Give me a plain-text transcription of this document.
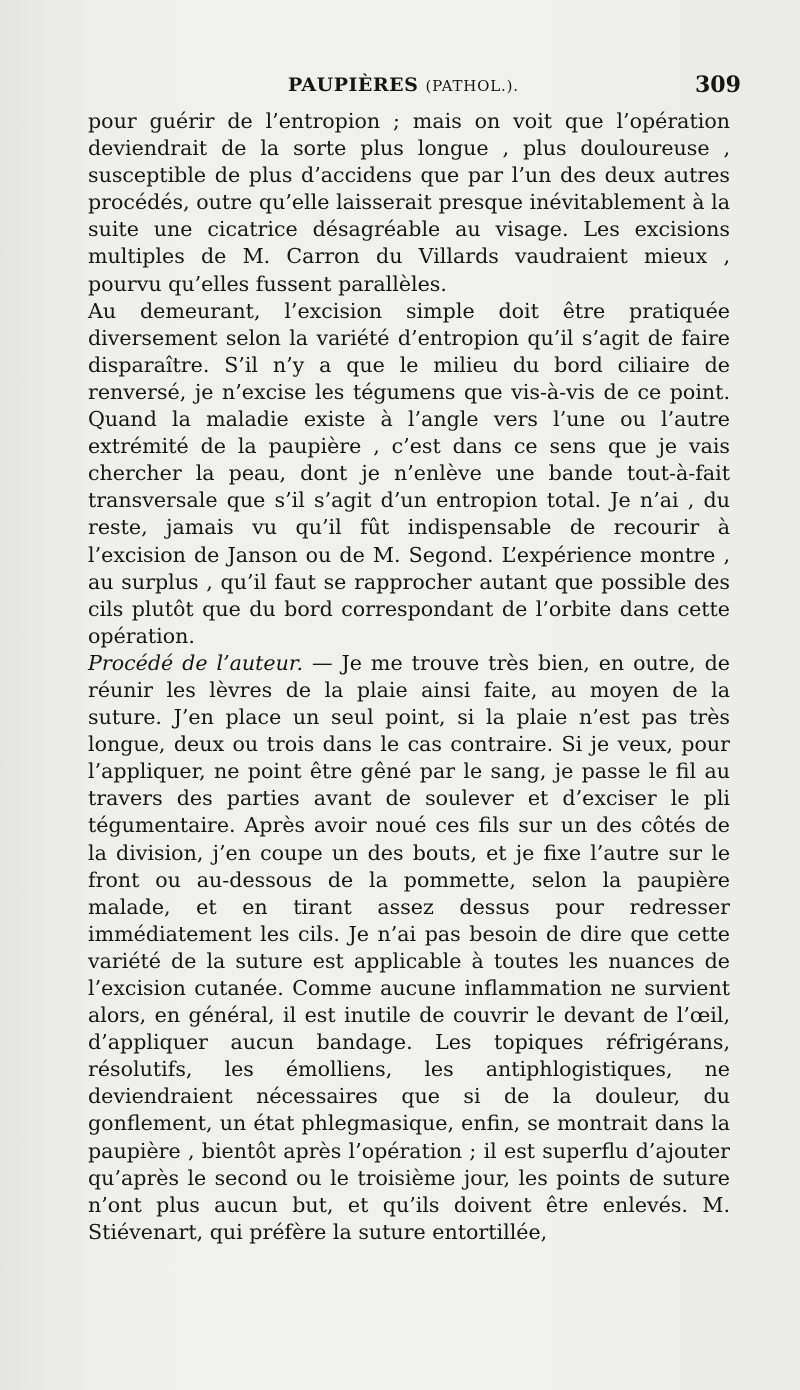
PAUPIÈRES (PATHOL.).	309

pour guérir de l’entropion ; mais on voit que l’opération deviendrait de la sorte plus longue , plus douloureuse , susceptible de plus d’accidens que par l’un des deux autres procédés, outre qu’elle laisserait presque inévitablement à la suite une cicatrice désagréable au visage. Les excisions multiples de M. Carron du Villards vaudraient mieux , pourvu qu’elles fussent parallèles.

Au demeurant, l’excision simple doit être pratiquée diversement selon la variété d’entropion qu’il s’agit de faire disparaître. S’il n’y a que le milieu du bord ciliaire de renversé, je n’excise les tégumens que vis-à-vis de ce point. Quand la maladie existe à l’angle vers l’une ou l’autre extrémité de la paupière , c’est dans ce sens que je vais chercher la peau, dont je n’enlève une bande tout-à-fait transversale que s’il s’agit d’un entropion total. Je n’ai , du reste, jamais vu qu’il fût indispensable de recourir à l’excision de Janson ou de M. Segond. L’expérience montre , au surplus , qu’il faut se rapprocher autant que possible des cils plutôt que du bord correspondant de l’orbite dans cette opération.

Procédé de l’auteur. — Je me trouve très bien, en outre, de réunir les lèvres de la plaie ainsi faite, au moyen de la suture. J’en place un seul point, si la plaie n’est pas très longue, deux ou trois dans le cas contraire. Si je veux, pour l’appliquer, ne point être gêné par le sang, je passe le fil au travers des parties avant de soulever et d’exciser le pli tégumentaire. Après avoir noué ces fils sur un des côtés de la division, j’en coupe un des bouts, et je fixe l’autre sur le front ou au-dessous de la pommette, selon la paupière malade, et en tirant assez dessus pour redresser immédiatement les cils. Je n’ai pas besoin de dire que cette variété de la suture est applicable à toutes les nuances de l’excision cutanée. Comme aucune inflammation ne survient alors, en général, il est inutile de couvrir le devant de l’œil, d’appliquer aucun bandage. Les topiques réfrigérans, résolutifs, les émolliens, les antiphlogistiques, ne deviendraient nécessaires que si de la douleur, du gonflement, un état phlegmasique, enfin, se montrait dans la paupière , bientôt après l’opération ; il est superflu d’ajouter qu’après le second ou le troisième jour, les points de suture n’ont plus aucun but, et qu’ils doivent être enlevés. M. Stiévenart, qui préfère la suture entortillée,
